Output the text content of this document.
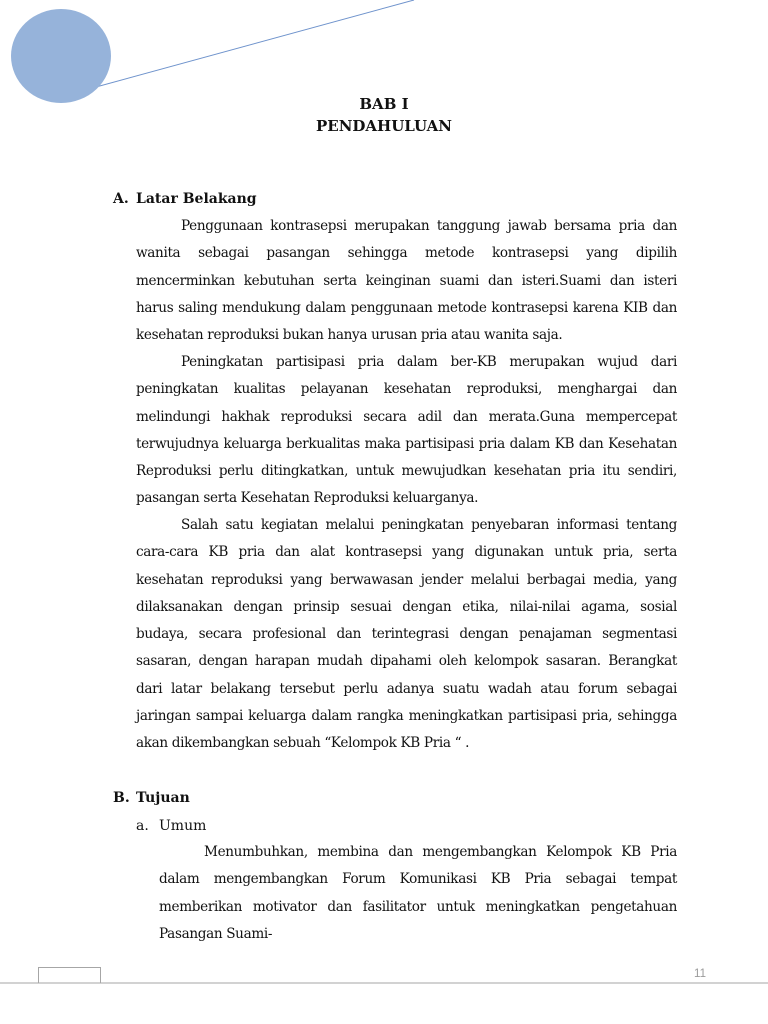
BAB I
PENDAHULUAN
A. Latar Belakang

Penggunaan kontrasepsi merupakan tanggung jawab bersama pria dan wanita sebagai pasangan sehingga metode kontrasepsi yang dipilih mencerminkan kebutuhan serta keinginan suami dan isteri.Suami dan isteri harus saling mendukung dalam penggunaan metode kontrasepsi karena KIB dan kesehatan reproduksi bukan hanya urusan pria atau wanita saja.

Peningkatan partisipasi pria dalam ber-KB merupakan wujud dari peningkatan kualitas pelayanan kesehatan reproduksi, menghargai dan melindungi hakhak reproduksi secara adil dan merata.Guna mempercepat terwujudnya keluarga berkualitas maka partisipasi pria dalam KB dan Kesehatan Reproduksi perlu ditingkatkan, untuk mewujudkan kesehatan pria itu sendiri, pasangan serta Kesehatan Reproduksi keluarganya.

Salah satu kegiatan melalui peningkatan penyebaran informasi tentang cara-cara KB pria dan alat kontrasepsi yang digunakan untuk pria, serta kesehatan reproduksi yang berwawasan jender melalui berbagai media, yang dilaksanakan dengan prinsip sesuai dengan etika, nilai-nilai agama, sosial budaya, secara profesional dan terintegrasi dengan penajaman segmentasi sasaran, dengan harapan mudah dipahami oleh kelompok sasaran. Berangkat dari latar belakang tersebut perlu adanya suatu wadah atau forum sebagai jaringan sampai keluarga dalam rangka meningkatkan partisipasi pria, sehingga akan dikembangkan sebuah “Kelompok KB Pria “ .

B. Tujuan
a. Umum

Menumbuhkan, membina dan mengembangkan Kelompok KB Pria dalam mengembangkan Forum Komunikasi KB Pria sebagai tempat memberikan motivator dan fasilitator untuk meningkatkan pengetahuan Pasangan Suami-

11
